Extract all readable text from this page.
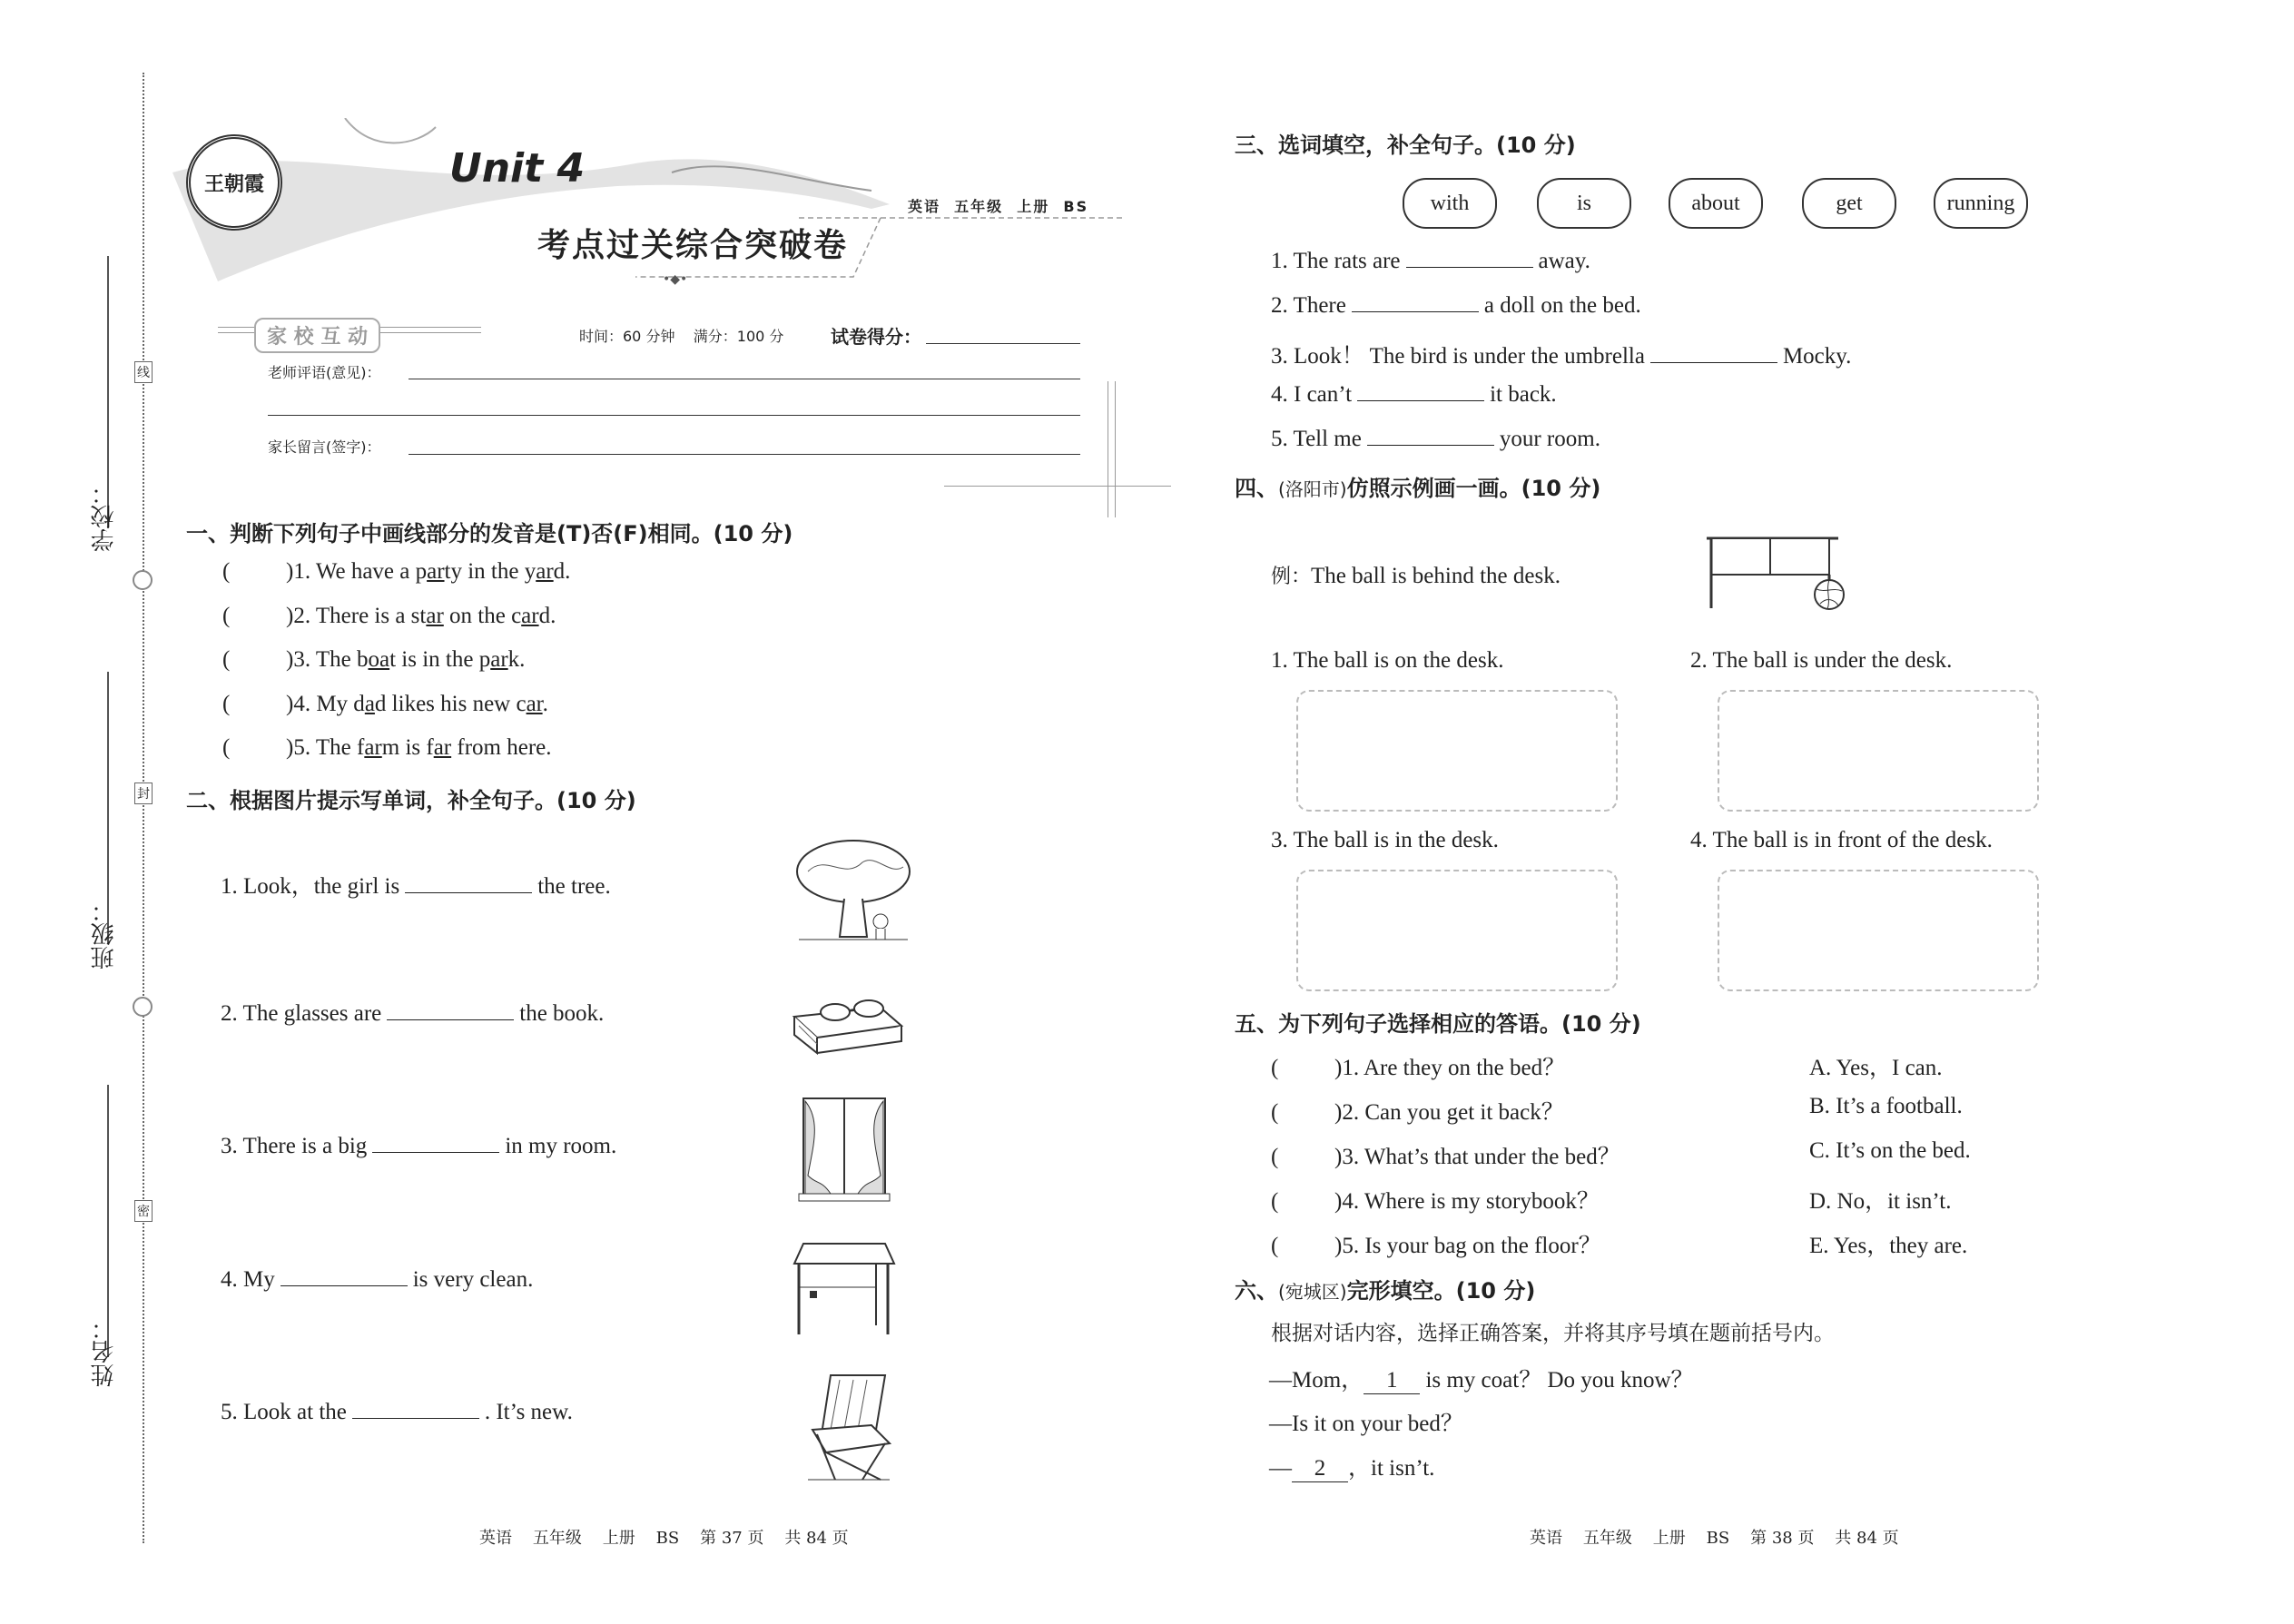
学校：
班级：
姓名：
线
封
密
王朝霞	Unit 4
考点过关综合突破卷
英语  五年级  上册  BS
•◆•
家 校 互 动	时间：60 分钟    满分：100 分	试卷得分：
老师评语(意见)：
家长留言(签字)：
一、判断下列句子中画线部分的发音是(T)否(F)相同。(10 分)
( )1. We have a party in the yard.
( )2. There is a star on the card.
( )3. The boat is in the park.
( )4. My dad likes his new car.
( )5. The farm is far from here.
二、根据图片提示写单词，补全句子。(10 分)
1. Look，the girl is	the tree.
2. The glasses are	the book.
3. There is a big	in my room.
4. My	is very clean.
5. Look at the	. It’s new.
三、选词填空，补全句子。(10 分)
with	is	about	get	running
1. The rats are	away.
2. There	a doll on the bed.
3. Look！ The bird is under the umbrella	Mocky.
4. I can’t	it back.
5. Tell me	your room.
四、(洛阳市)仿照示例画一画。(10 分)
例：The ball is behind the desk.
1. The ball is on the desk.	2. The ball is under the desk.
3. The ball is in the desk.	4. The ball is in front of the desk.
五、为下列句子选择相应的答语。(10 分)
( )1. Are they on the bed？	A. Yes，I can.
( )2. Can you get it back？	B. It’s a football.
( )3. What’s that under the bed？	C. It’s on the bed.
( )4. Where is my storybook？	D. No，it isn’t.
( )5. Is your bag on the floor？	E. Yes，they are.
六、(宛城区)完形填空。(10 分)
根据对话内容，选择正确答案，并将其序号填在题前括号内。
—Mom， 1 is my coat？ Do you know？
—Is it on your bed？
— 2 ，it isn’t.
英语    五年级    上册    BS    第 37 页    共 84 页	英语    五年级    上册    BS    第 38 页    共 84 页
